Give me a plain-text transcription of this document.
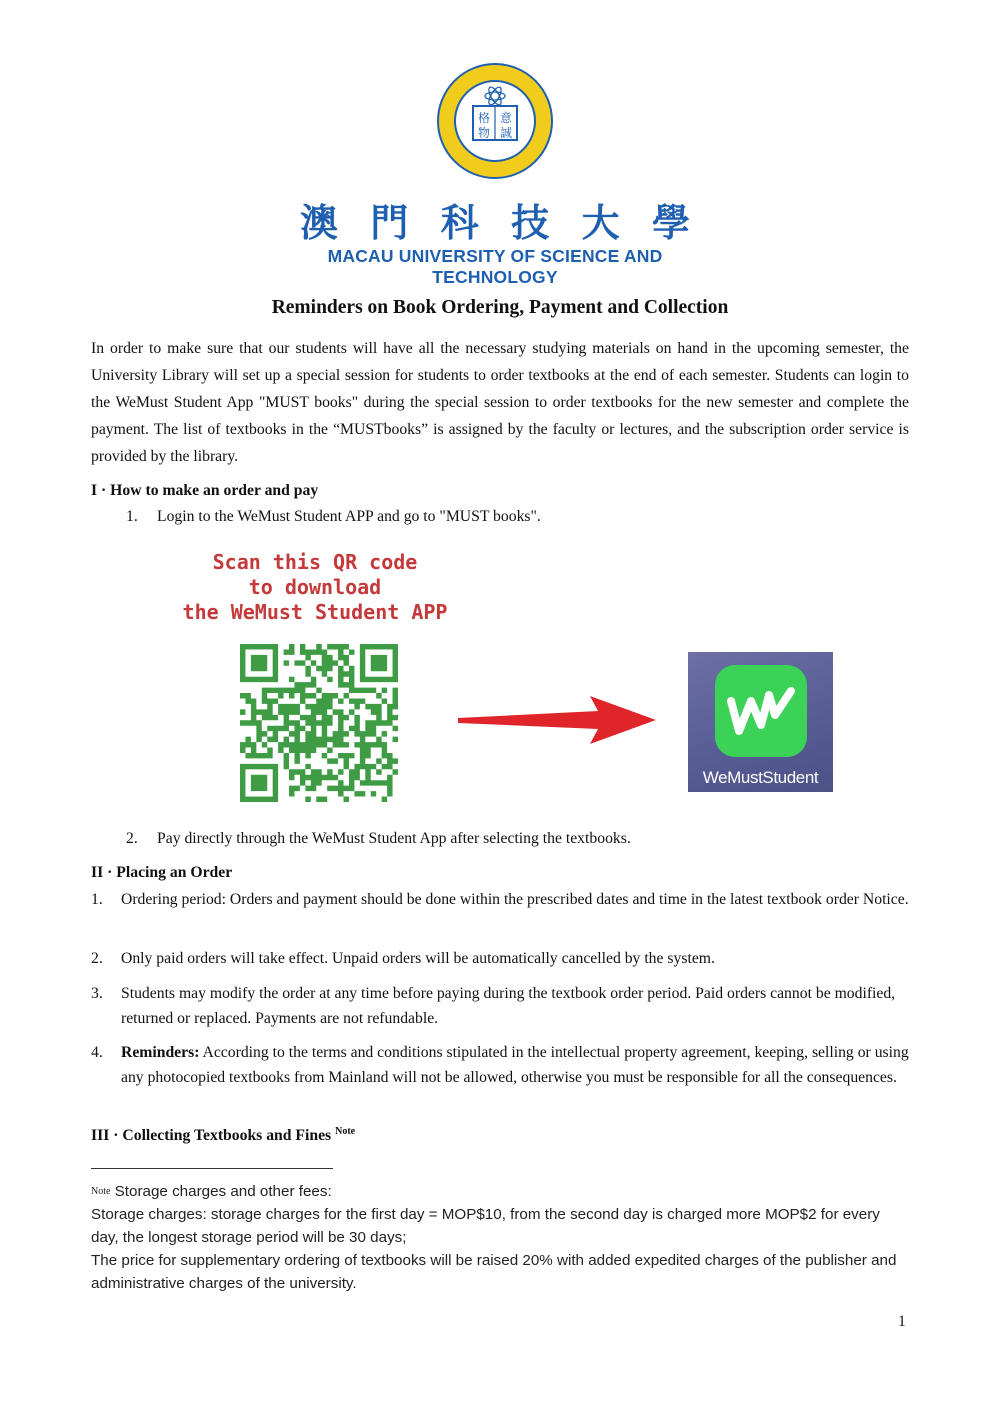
格 意
物 誠
澳 門 科 技 大 學
MACAU UNIVERSITY OF SCIENCE AND TECHNOLOGY
Reminders on Book Ordering, Payment and Collection
In order to make sure that our students will have all the necessary studying materials on hand in the upcoming semester, the University Library will set up a special session for students to order textbooks at the end of each semester. Students can login to the WeMust Student App "MUST books" during the special session to order textbooks for the new semester and complete the payment. The list of textbooks in the “MUSTbooks” is assigned by the faculty or lectures, and the subscription order service is provided by the library.
I · How to make an order and pay
1. Login to the WeMust Student APP and go to "MUST books".
Scan this QR code
to download
the WeMust Student APP
WeMustStudent
2. Pay directly through the WeMust Student App after selecting the textbooks.
II · Placing an Order
1. Ordering period: Orders and payment should be done within the prescribed dates and time in the latest textbook order Notice.
2. Only paid orders will take effect. Unpaid orders will be automatically cancelled by the system.
3. Students may modify the order at any time before paying during the textbook order period. Paid orders cannot be modified, returned or replaced. Payments are not refundable.
4. Reminders: According to the terms and conditions stipulated in the intellectual property agreement, keeping, selling or using any photocopied textbooks from Mainland will not be allowed, otherwise you must be responsible for all the consequences.
III · Collecting Textbooks and Fines $^{Note}$
$^{Note}$ Storage charges and other fees:
Storage charges: storage charges for the first day = MOP$10, from the second day is charged more MOP$2 for every day, the longest storage period will be 30 days;
The price for supplementary ordering of textbooks will be raised 20% with added expedited charges of the publisher and administrative charges of the university.
1
